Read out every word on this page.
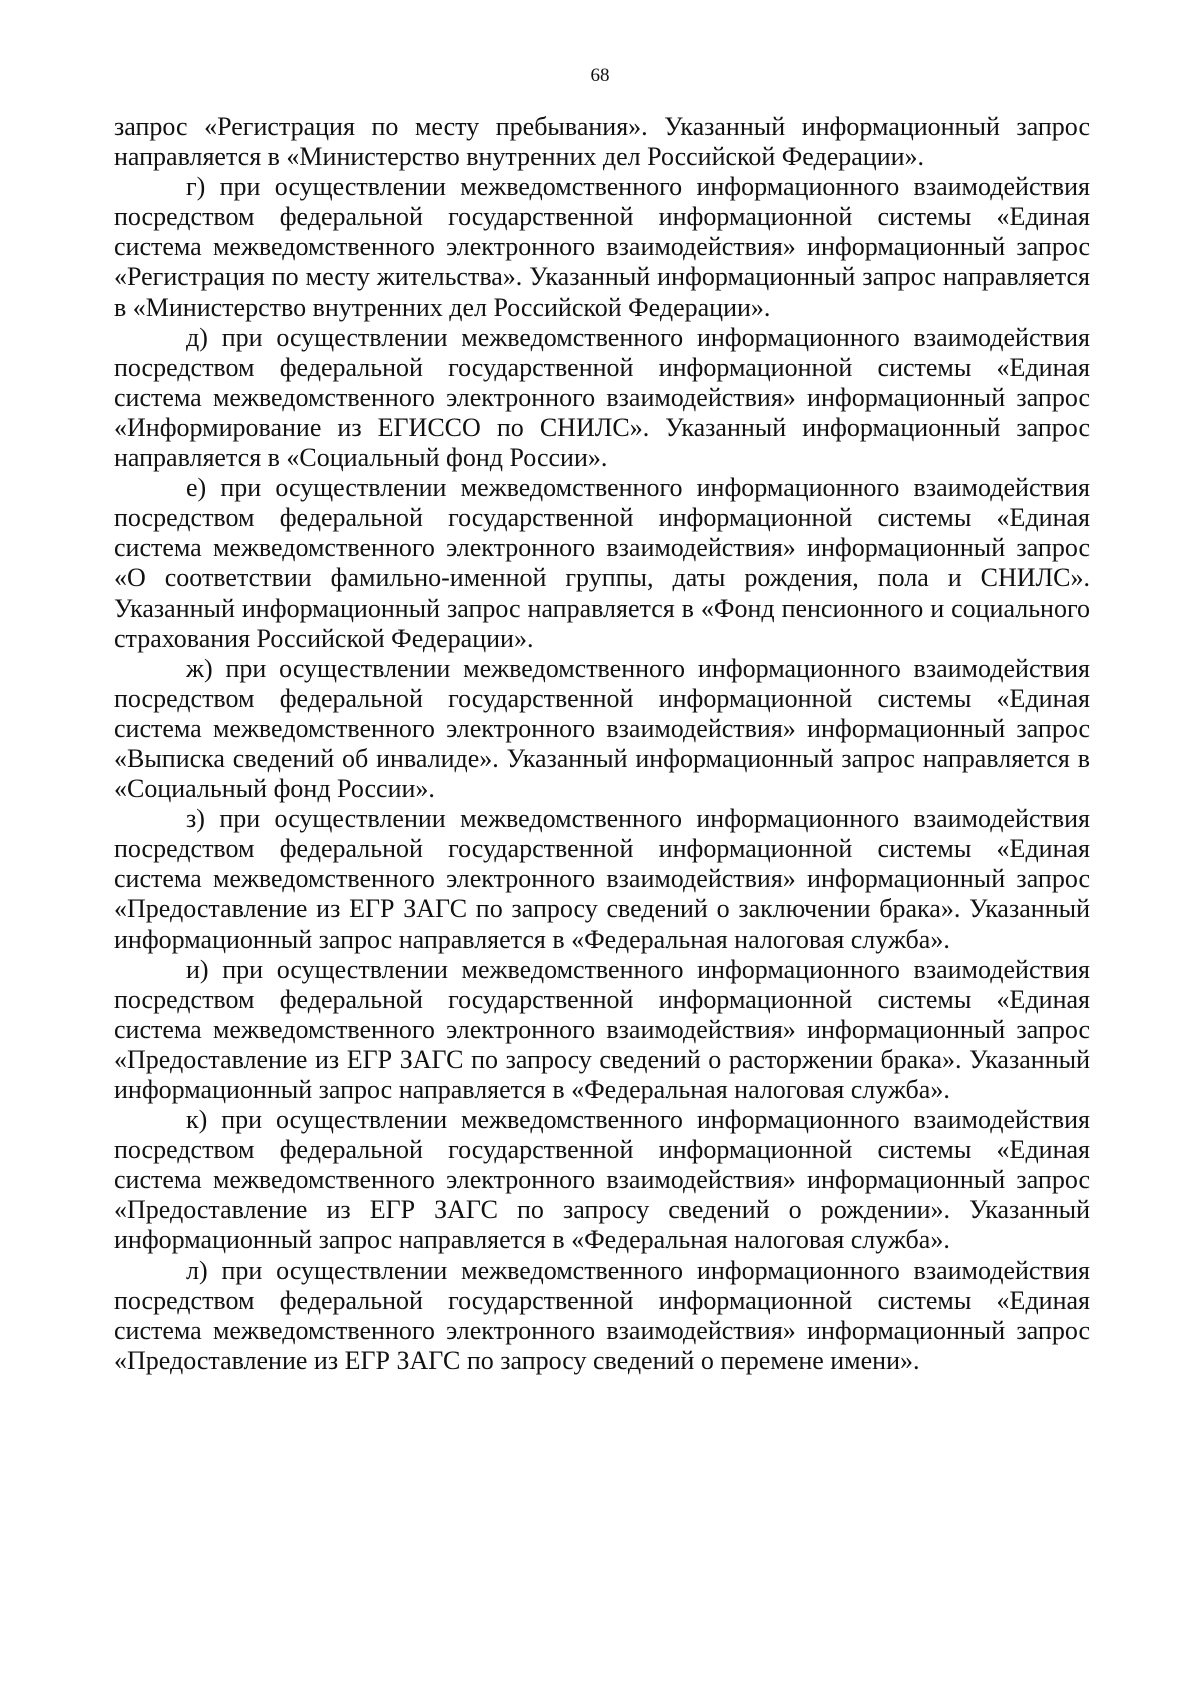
68

запрос «Регистрация по месту пребывания». Указанный информационный запрос направляется в «Министерство внутренних дел Российской Федерации».

г) при осуществлении межведомственного информационного взаимодействия посредством федеральной государственной информационной системы «Единая система межведомственного электронного взаимодействия» информационный запрос «Регистрация по месту жительства». Указанный информационный запрос направляется в «Министерство внутренних дел Российской Федерации».

д) при осуществлении межведомственного информационного взаимодействия посредством федеральной государственной информационной системы «Единая система межведомственного электронного взаимодействия» информационный запрос «Информирование из ЕГИССО по СНИЛС». Указанный информационный запрос направляется в «Социальный фонд России».

е) при осуществлении межведомственного информационного взаимодействия посредством федеральной государственной информационной системы «Единая система межведомственного электронного взаимодействия» информационный запрос «О соответствии фамильно-именной группы, даты рождения, пола и СНИЛС». Указанный информационный запрос направляется в «Фонд пенсионного и социального страхования Российской Федерации».

ж) при осуществлении межведомственного информационного взаимодействия посредством федеральной государственной информационной системы «Единая система межведомственного электронного взаимодействия» информационный запрос «Выписка сведений об инвалиде». Указанный информационный запрос направляется в «Социальный фонд России».

з) при осуществлении межведомственного информационного взаимодействия посредством федеральной государственной информационной системы «Единая система межведомственного электронного взаимодействия» информационный запрос «Предоставление из ЕГР ЗАГС по запросу сведений о заключении брака». Указанный информационный запрос направляется в «Федеральная налоговая служба».

и) при осуществлении межведомственного информационного взаимодействия посредством федеральной государственной информационной системы «Единая система межведомственного электронного взаимодействия» информационный запрос «Предоставление из ЕГР ЗАГС по запросу сведений о расторжении брака». Указанный информационный запрос направляется в «Федеральная налоговая служба».

к) при осуществлении межведомственного информационного взаимодействия посредством федеральной государственной информационной системы «Единая система межведомственного электронного взаимодействия» информационный запрос «Предоставление из ЕГР ЗАГС по запросу сведений о рождении». Указанный информационный запрос направляется в «Федеральная налоговая служба».

л) при осуществлении межведомственного информационного взаимодействия посредством федеральной государственной информационной системы «Единая система межведомственного электронного взаимодействия» информационный запрос «Предоставление из ЕГР ЗАГС по запросу сведений о перемене имени».
